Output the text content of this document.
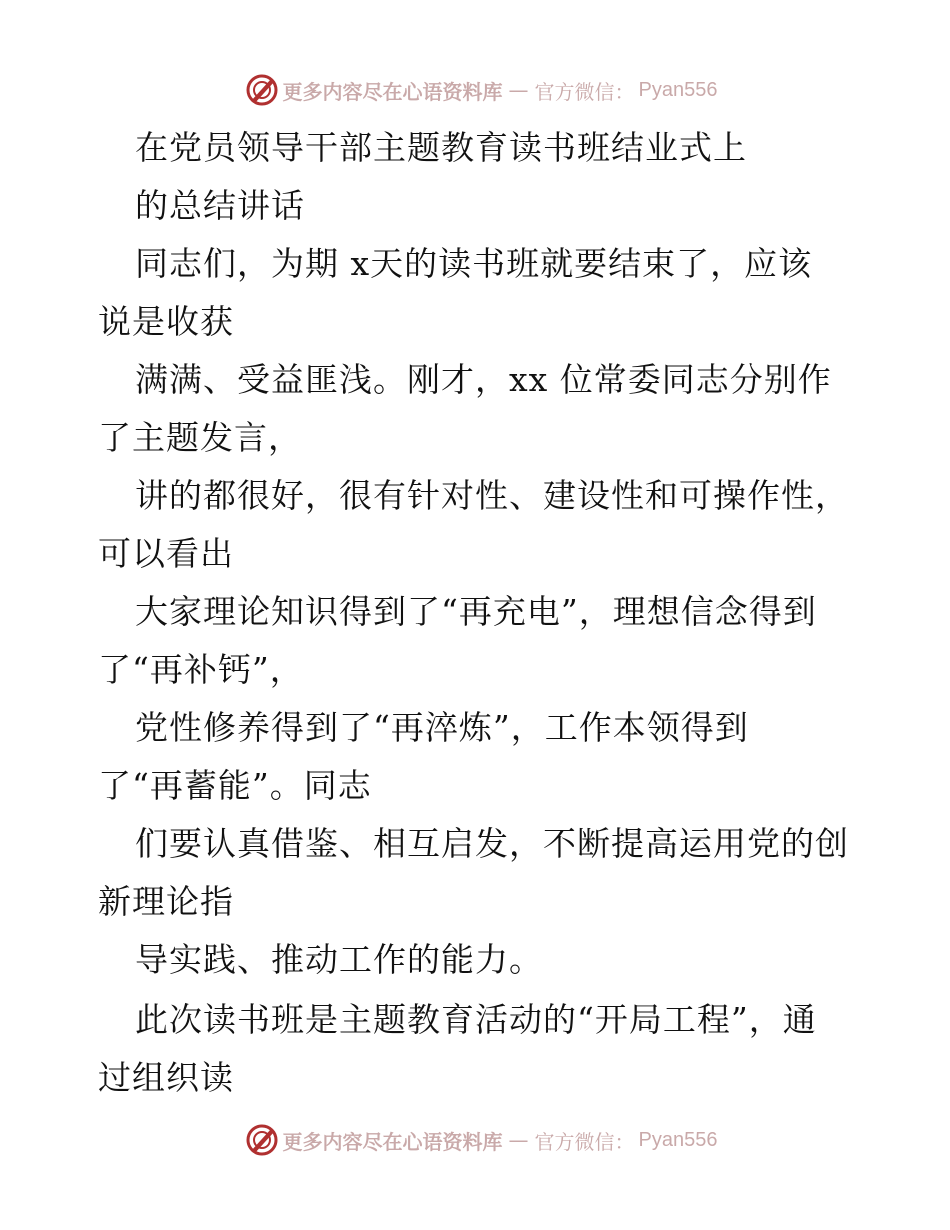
更多内容尽在心语资料库 — 官方微信： Pyan556
在党员领导干部主题教育读书班结业式上
的总结讲话
同志们，为期 x天的读书班就要结束了，应该
说是收获
满满、受益匪浅。刚才，xx 位常委同志分别作
了主题发言，
讲的都很好，很有针对性、建设性和可操作性，
可以看出
大家理论知识得到了“再充电”，理想信念得到
了“再补钙”，
党性修养得到了“再淬炼”，工作本领得到
了“再蓄能”。同志
们要认真借鉴、相互启发，不断提高运用党的创
新理论指
导实践、推动工作的能力。
此次读书班是主题教育活动的“开局工程”，通
过组织读
更多内容尽在心语资料库 — 官方微信： Pyan556
